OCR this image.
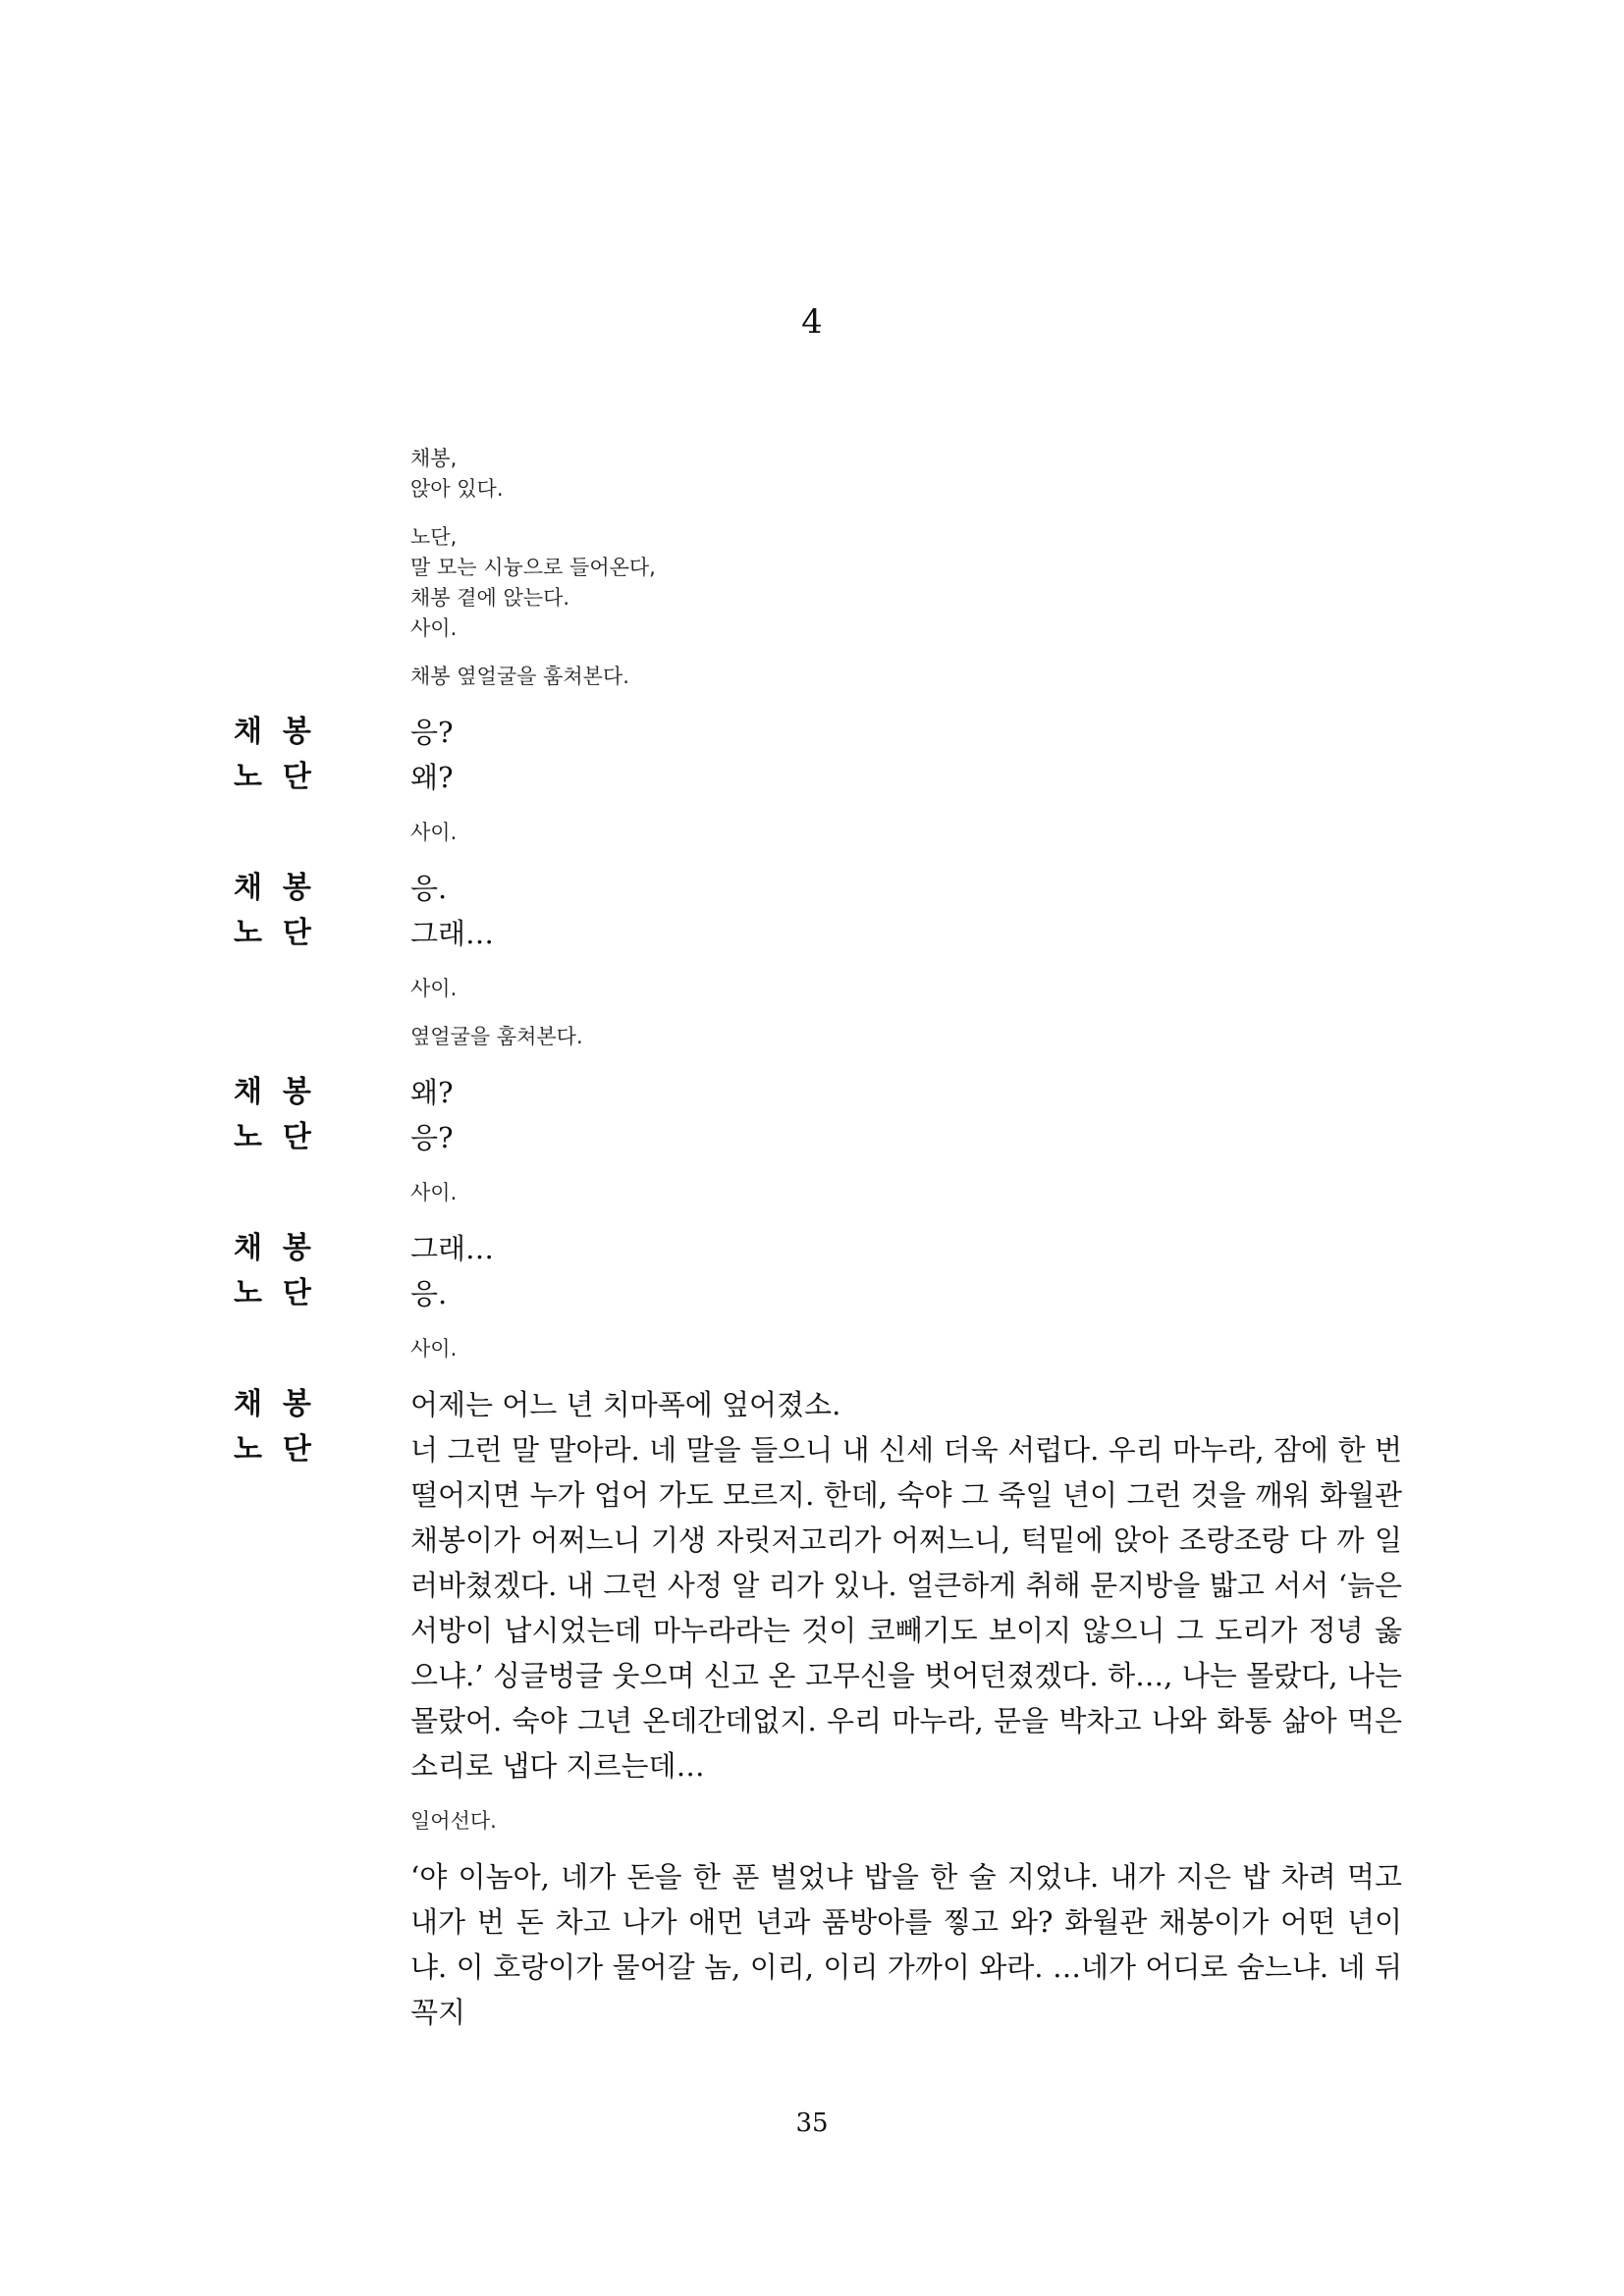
4
채봉,
앉아 있다.
노단,
말 모는 시늉으로 들어온다,
채봉 곁에 앉는다.
사이.
채봉 옆얼굴을 훔쳐본다.
채  봉	응?
노  단	왜?
사이.
채  봉	응.
노  단	그래…
사이.
옆얼굴을 훔쳐본다.
채  봉	왜?
노  단	응?
사이.
채  봉	그래…
노  단	응.
사이.
채  봉	어제는 어느 년 치마폭에 엎어졌소.
노  단	너 그런 말 말아라. 네 말을 들으니 내 신세 더욱 서럽다. 우리 마누라, 잠에 한 번 떨어지면 누가 업어 가도 모르지. 한데, 숙야 그 죽일 년이 그런 것을 깨워 화월관 채봉이가 어쩌느니 기생 자릿저고리가 어쩌느니, 턱밑에 앉아 조랑조랑 다 까 일러바쳤겠다. 내 그런 사정 알 리가 있나. 얼큰하게 취해 문지방을 밟고 서서 ‘늙은 서방이 납시었는데 마누라라는 것이 코빼기도 보이지 않으니 그 도리가 정녕 옳으냐.’ 싱글벙글 웃으며 신고 온 고무신을 벗어던졌겠다. 하…, 나는 몰랐다, 나는 몰랐어. 숙야 그년 온데간데없지. 우리 마누라, 문을 박차고 나와 화통 삶아 먹은 소리로 냅다 지르는데…
일어선다.
‘야 이놈아, 네가 돈을 한 푼 벌었냐 밥을 한 술 지었냐. 내가 지은 밥 차려 먹고 내가 번 돈 차고 나가 애먼 년과 품방아를 찧고 와? 화월관 채봉이가 어떤 년이냐. 이 호랑이가 물어갈 놈, 이리, 이리 가까이 와라. …네가 어디로 숨느냐. 네 뒤꼭지
35
